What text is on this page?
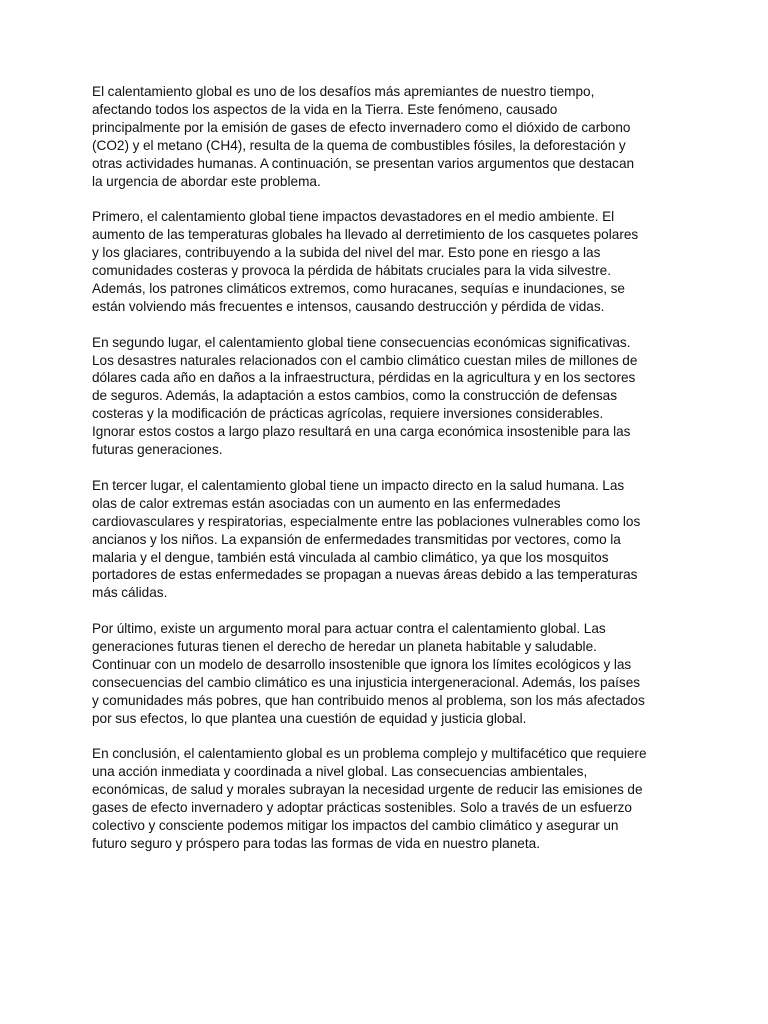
El calentamiento global es uno de los desafíos más apremiantes de nuestro tiempo,
afectando todos los aspectos de la vida en la Tierra. Este fenómeno, causado
principalmente por la emisión de gases de efecto invernadero como el dióxido de carbono
(CO2) y el metano (CH4), resulta de la quema de combustibles fósiles, la deforestación y
otras actividades humanas. A continuación, se presentan varios argumentos que destacan
la urgencia de abordar este problema.

Primero, el calentamiento global tiene impactos devastadores en el medio ambiente. El
aumento de las temperaturas globales ha llevado al derretimiento de los casquetes polares
y los glaciares, contribuyendo a la subida del nivel del mar. Esto pone en riesgo a las
comunidades costeras y provoca la pérdida de hábitats cruciales para la vida silvestre.
Además, los patrones climáticos extremos, como huracanes, sequías e inundaciones, se
están volviendo más frecuentes e intensos, causando destrucción y pérdida de vidas.

En segundo lugar, el calentamiento global tiene consecuencias económicas significativas.
Los desastres naturales relacionados con el cambio climático cuestan miles de millones de
dólares cada año en daños a la infraestructura, pérdidas en la agricultura y en los sectores
de seguros. Además, la adaptación a estos cambios, como la construcción de defensas
costeras y la modificación de prácticas agrícolas, requiere inversiones considerables.
Ignorar estos costos a largo plazo resultará en una carga económica insostenible para las
futuras generaciones.

En tercer lugar, el calentamiento global tiene un impacto directo en la salud humana. Las
olas de calor extremas están asociadas con un aumento en las enfermedades
cardiovasculares y respiratorias, especialmente entre las poblaciones vulnerables como los
ancianos y los niños. La expansión de enfermedades transmitidas por vectores, como la
malaria y el dengue, también está vinculada al cambio climático, ya que los mosquitos
portadores de estas enfermedades se propagan a nuevas áreas debido a las temperaturas
más cálidas.

Por último, existe un argumento moral para actuar contra el calentamiento global. Las
generaciones futuras tienen el derecho de heredar un planeta habitable y saludable.
Continuar con un modelo de desarrollo insostenible que ignora los límites ecológicos y las
consecuencias del cambio climático es una injusticia intergeneracional. Además, los países
y comunidades más pobres, que han contribuido menos al problema, son los más afectados
por sus efectos, lo que plantea una cuestión de equidad y justicia global.

En conclusión, el calentamiento global es un problema complejo y multifacético que requiere
una acción inmediata y coordinada a nivel global. Las consecuencias ambientales,
económicas, de salud y morales subrayan la necesidad urgente de reducir las emisiones de
gases de efecto invernadero y adoptar prácticas sostenibles. Solo a través de un esfuerzo
colectivo y consciente podemos mitigar los impactos del cambio climático y asegurar un
futuro seguro y próspero para todas las formas de vida en nuestro planeta.
